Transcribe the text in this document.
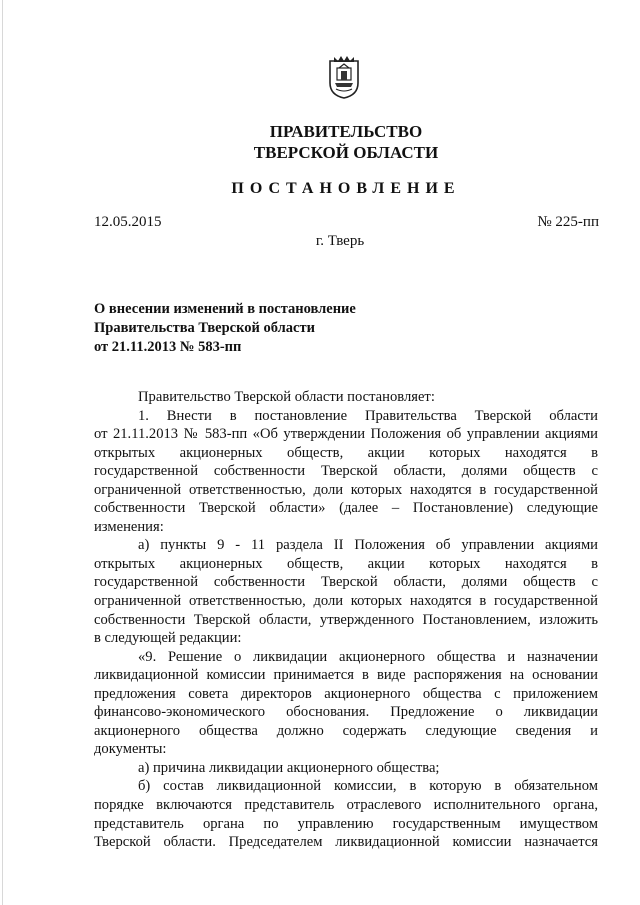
ПРАВИТЕЛЬСТВО
ТВЕРСКОЙ ОБЛАСТИ
ПОСТАНОВЛЕНИЕ
12.05.2015	№ 225-пп
г. Тверь
О внесении изменений в постановление
Правительства Тверской области
от 21.11.2013 № 583-пп
Правительство Тверской области постановляет:
1. Внести в постановление Правительства Тверской области
от 21.11.2013 № 583-пп «Об утверждении Положения об управлении акциями
открытых акционерных обществ, акции которых находятся в
государственной собственности Тверской области, долями обществ с
ограниченной ответственностью, доли которых находятся в государственной
собственности Тверской области» (далее – Постановление) следующие
изменения:
а) пункты 9 - 11 раздела II Положения об управлении акциями
открытых акционерных обществ, акции которых находятся в
государственной собственности Тверской области, долями обществ с
ограниченной ответственностью, доли которых находятся в государственной
собственности Тверской области, утвержденного Постановлением, изложить
в следующей редакции:
«9. Решение о ликвидации акционерного общества и назначении
ликвидационной комиссии принимается в виде распоряжения на основании
предложения совета директоров акционерного общества с приложением
финансово-экономического обоснования. Предложение о ликвидации
акционерного общества должно содержать следующие сведения и
документы:
а) причина ликвидации акционерного общества;
б) состав ликвидационной комиссии, в которую в обязательном
порядке включаются представитель отраслевого исполнительного органа,
представитель органа по управлению государственным имуществом
Тверской области. Председателем ликвидационной комиссии назначается
